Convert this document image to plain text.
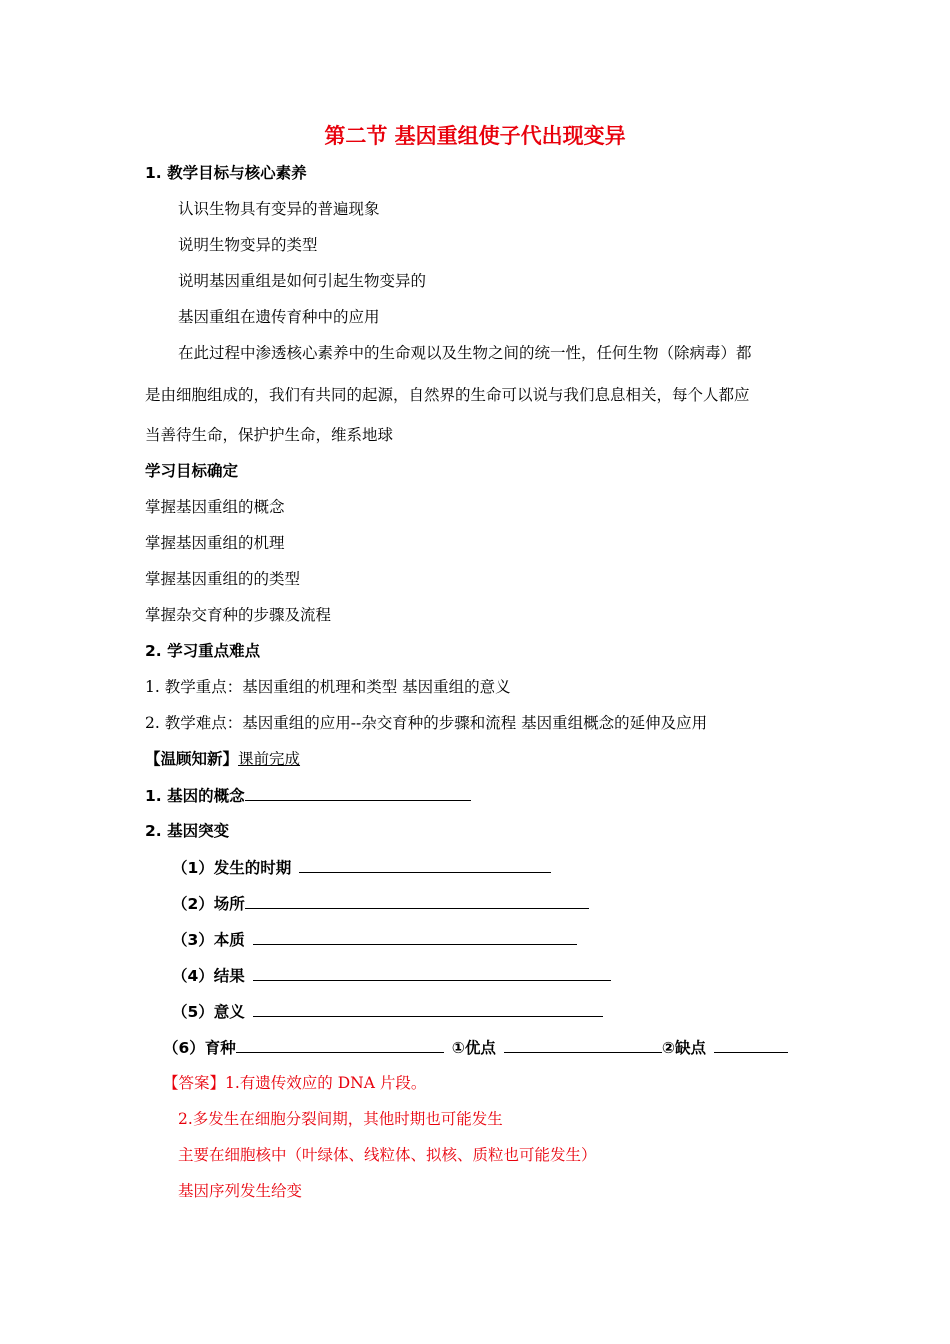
第二节 基因重组使子代出现变异
1. 教学目标与核心素养
认识生物具有变异的普遍现象
说明生物变异的类型
说明基因重组是如何引起生物变异的
基因重组在遗传育种中的应用
在此过程中渗透核心素养中的生命观以及生物之间的统一性，任何生物（除病毒）都
是由细胞组成的，我们有共同的起源，自然界的生命可以说与我们息息相关，每个人都应
当善待生命，保护护生命，维系地球
学习目标确定
掌握基因重组的概念
掌握基因重组的机理
掌握基因重组的的类型
掌握杂交育种的步骤及流程
2. 学习重点难点
1. 教学重点：基因重组的机理和类型 基因重组的意义
2. 教学难点：基因重组的应用--杂交育种的步骤和流程 基因重组概念的延伸及应用
【温顾知新】课前完成
1. 基因的概念
2. 基因突变
（1）发生的时期
（2）场所
（3）本质
（4）结果
（5）意义
（6）育种	①优点	②缺点
【答案】1.有遗传效应的 DNA 片段。
2.多发生在细胞分裂间期，其他时期也可能发生
主要在细胞核中（叶绿体、线粒体、拟核、质粒也可能发生）
基因序列发生给变
